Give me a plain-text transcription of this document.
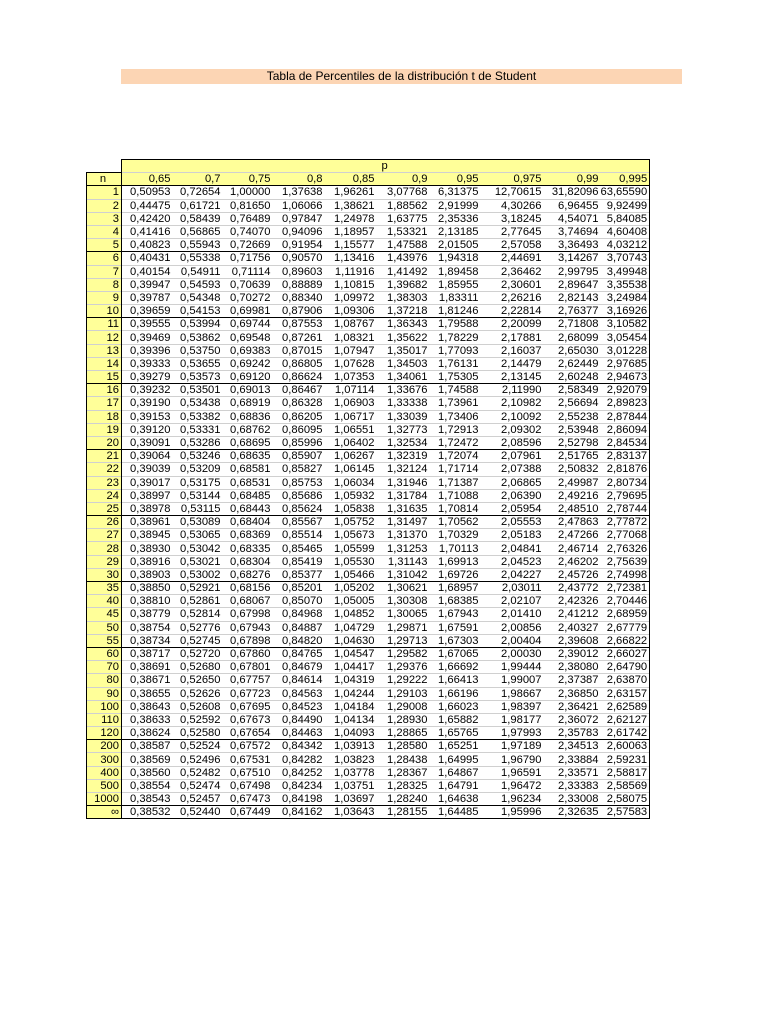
Tabla de Percentiles de la distribución t de Student
	p									
n	0,65	0,7	0,75	0,8	0,85	0,9	0,95	0,975	0,99	0,995
1	0,50953	0,72654	1,00000	1,37638	1,96261	3,07768	6,31375	12,70615	31,82096	63,65590
2	0,44475	0,61721	0,81650	1,06066	1,38621	1,88562	2,91999	4,30266	6,96455	9,92499
3	0,42420	0,58439	0,76489	0,97847	1,24978	1,63775	2,35336	3,18245	4,54071	5,84085
4	0,41416	0,56865	0,74070	0,94096	1,18957	1,53321	2,13185	2,77645	3,74694	4,60408
5	0,40823	0,55943	0,72669	0,91954	1,15577	1,47588	2,01505	2,57058	3,36493	4,03212
6	0,40431	0,55338	0,71756	0,90570	1,13416	1,43976	1,94318	2,44691	3,14267	3,70743
7	0,40154	0,54911	0,71114	0,89603	1,11916	1,41492	1,89458	2,36462	2,99795	3,49948
8	0,39947	0,54593	0,70639	0,88889	1,10815	1,39682	1,85955	2,30601	2,89647	3,35538
9	0,39787	0,54348	0,70272	0,88340	1,09972	1,38303	1,83311	2,26216	2,82143	3,24984
10	0,39659	0,54153	0,69981	0,87906	1,09306	1,37218	1,81246	2,22814	2,76377	3,16926
11	0,39555	0,53994	0,69744	0,87553	1,08767	1,36343	1,79588	2,20099	2,71808	3,10582
12	0,39469	0,53862	0,69548	0,87261	1,08321	1,35622	1,78229	2,17881	2,68099	3,05454
13	0,39396	0,53750	0,69383	0,87015	1,07947	1,35017	1,77093	2,16037	2,65030	3,01228
14	0,39333	0,53655	0,69242	0,86805	1,07628	1,34503	1,76131	2,14479	2,62449	2,97685
15	0,39279	0,53573	0,69120	0,86624	1,07353	1,34061	1,75305	2,13145	2,60248	2,94673
16	0,39232	0,53501	0,69013	0,86467	1,07114	1,33676	1,74588	2,11990	2,58349	2,92079
17	0,39190	0,53438	0,68919	0,86328	1,06903	1,33338	1,73961	2,10982	2,56694	2,89823
18	0,39153	0,53382	0,68836	0,86205	1,06717	1,33039	1,73406	2,10092	2,55238	2,87844
19	0,39120	0,53331	0,68762	0,86095	1,06551	1,32773	1,72913	2,09302	2,53948	2,86094
20	0,39091	0,53286	0,68695	0,85996	1,06402	1,32534	1,72472	2,08596	2,52798	2,84534
21	0,39064	0,53246	0,68635	0,85907	1,06267	1,32319	1,72074	2,07961	2,51765	2,83137
22	0,39039	0,53209	0,68581	0,85827	1,06145	1,32124	1,71714	2,07388	2,50832	2,81876
23	0,39017	0,53175	0,68531	0,85753	1,06034	1,31946	1,71387	2,06865	2,49987	2,80734
24	0,38997	0,53144	0,68485	0,85686	1,05932	1,31784	1,71088	2,06390	2,49216	2,79695
25	0,38978	0,53115	0,68443	0,85624	1,05838	1,31635	1,70814	2,05954	2,48510	2,78744
26	0,38961	0,53089	0,68404	0,85567	1,05752	1,31497	1,70562	2,05553	2,47863	2,77872
27	0,38945	0,53065	0,68369	0,85514	1,05673	1,31370	1,70329	2,05183	2,47266	2,77068
28	0,38930	0,53042	0,68335	0,85465	1,05599	1,31253	1,70113	2,04841	2,46714	2,76326
29	0,38916	0,53021	0,68304	0,85419	1,05530	1,31143	1,69913	2,04523	2,46202	2,75639
30	0,38903	0,53002	0,68276	0,85377	1,05466	1,31042	1,69726	2,04227	2,45726	2,74998
35	0,38850	0,52921	0,68156	0,85201	1,05202	1,30621	1,68957	2,03011	2,43772	2,72381
40	0,38810	0,52861	0,68067	0,85070	1,05005	1,30308	1,68385	2,02107	2,42326	2,70446
45	0,38779	0,52814	0,67998	0,84968	1,04852	1,30065	1,67943	2,01410	2,41212	2,68959
50	0,38754	0,52776	0,67943	0,84887	1,04729	1,29871	1,67591	2,00856	2,40327	2,67779
55	0,38734	0,52745	0,67898	0,84820	1,04630	1,29713	1,67303	2,00404	2,39608	2,66822
60	0,38717	0,52720	0,67860	0,84765	1,04547	1,29582	1,67065	2,00030	2,39012	2,66027
70	0,38691	0,52680	0,67801	0,84679	1,04417	1,29376	1,66692	1,99444	2,38080	2,64790
80	0,38671	0,52650	0,67757	0,84614	1,04319	1,29222	1,66413	1,99007	2,37387	2,63870
90	0,38655	0,52626	0,67723	0,84563	1,04244	1,29103	1,66196	1,98667	2,36850	2,63157
100	0,38643	0,52608	0,67695	0,84523	1,04184	1,29008	1,66023	1,98397	2,36421	2,62589
110	0,38633	0,52592	0,67673	0,84490	1,04134	1,28930	1,65882	1,98177	2,36072	2,62127
120	0,38624	0,52580	0,67654	0,84463	1,04093	1,28865	1,65765	1,97993	2,35783	2,61742
200	0,38587	0,52524	0,67572	0,84342	1,03913	1,28580	1,65251	1,97189	2,34513	2,60063
300	0,38569	0,52496	0,67531	0,84282	1,03823	1,28438	1,64995	1,96790	2,33884	2,59231
400	0,38560	0,52482	0,67510	0,84252	1,03778	1,28367	1,64867	1,96591	2,33571	2,58817
500	0,38554	0,52474	0,67498	0,84234	1,03751	1,28325	1,64791	1,96472	2,33383	2,58569
1000	0,38543	0,52457	0,67473	0,84198	1,03697	1,28240	1,64638	1,96234	2,33008	2,58075
∞	0,38532	0,52440	0,67449	0,84162	1,03643	1,28155	1,64485	1,95996	2,32635	2,57583
